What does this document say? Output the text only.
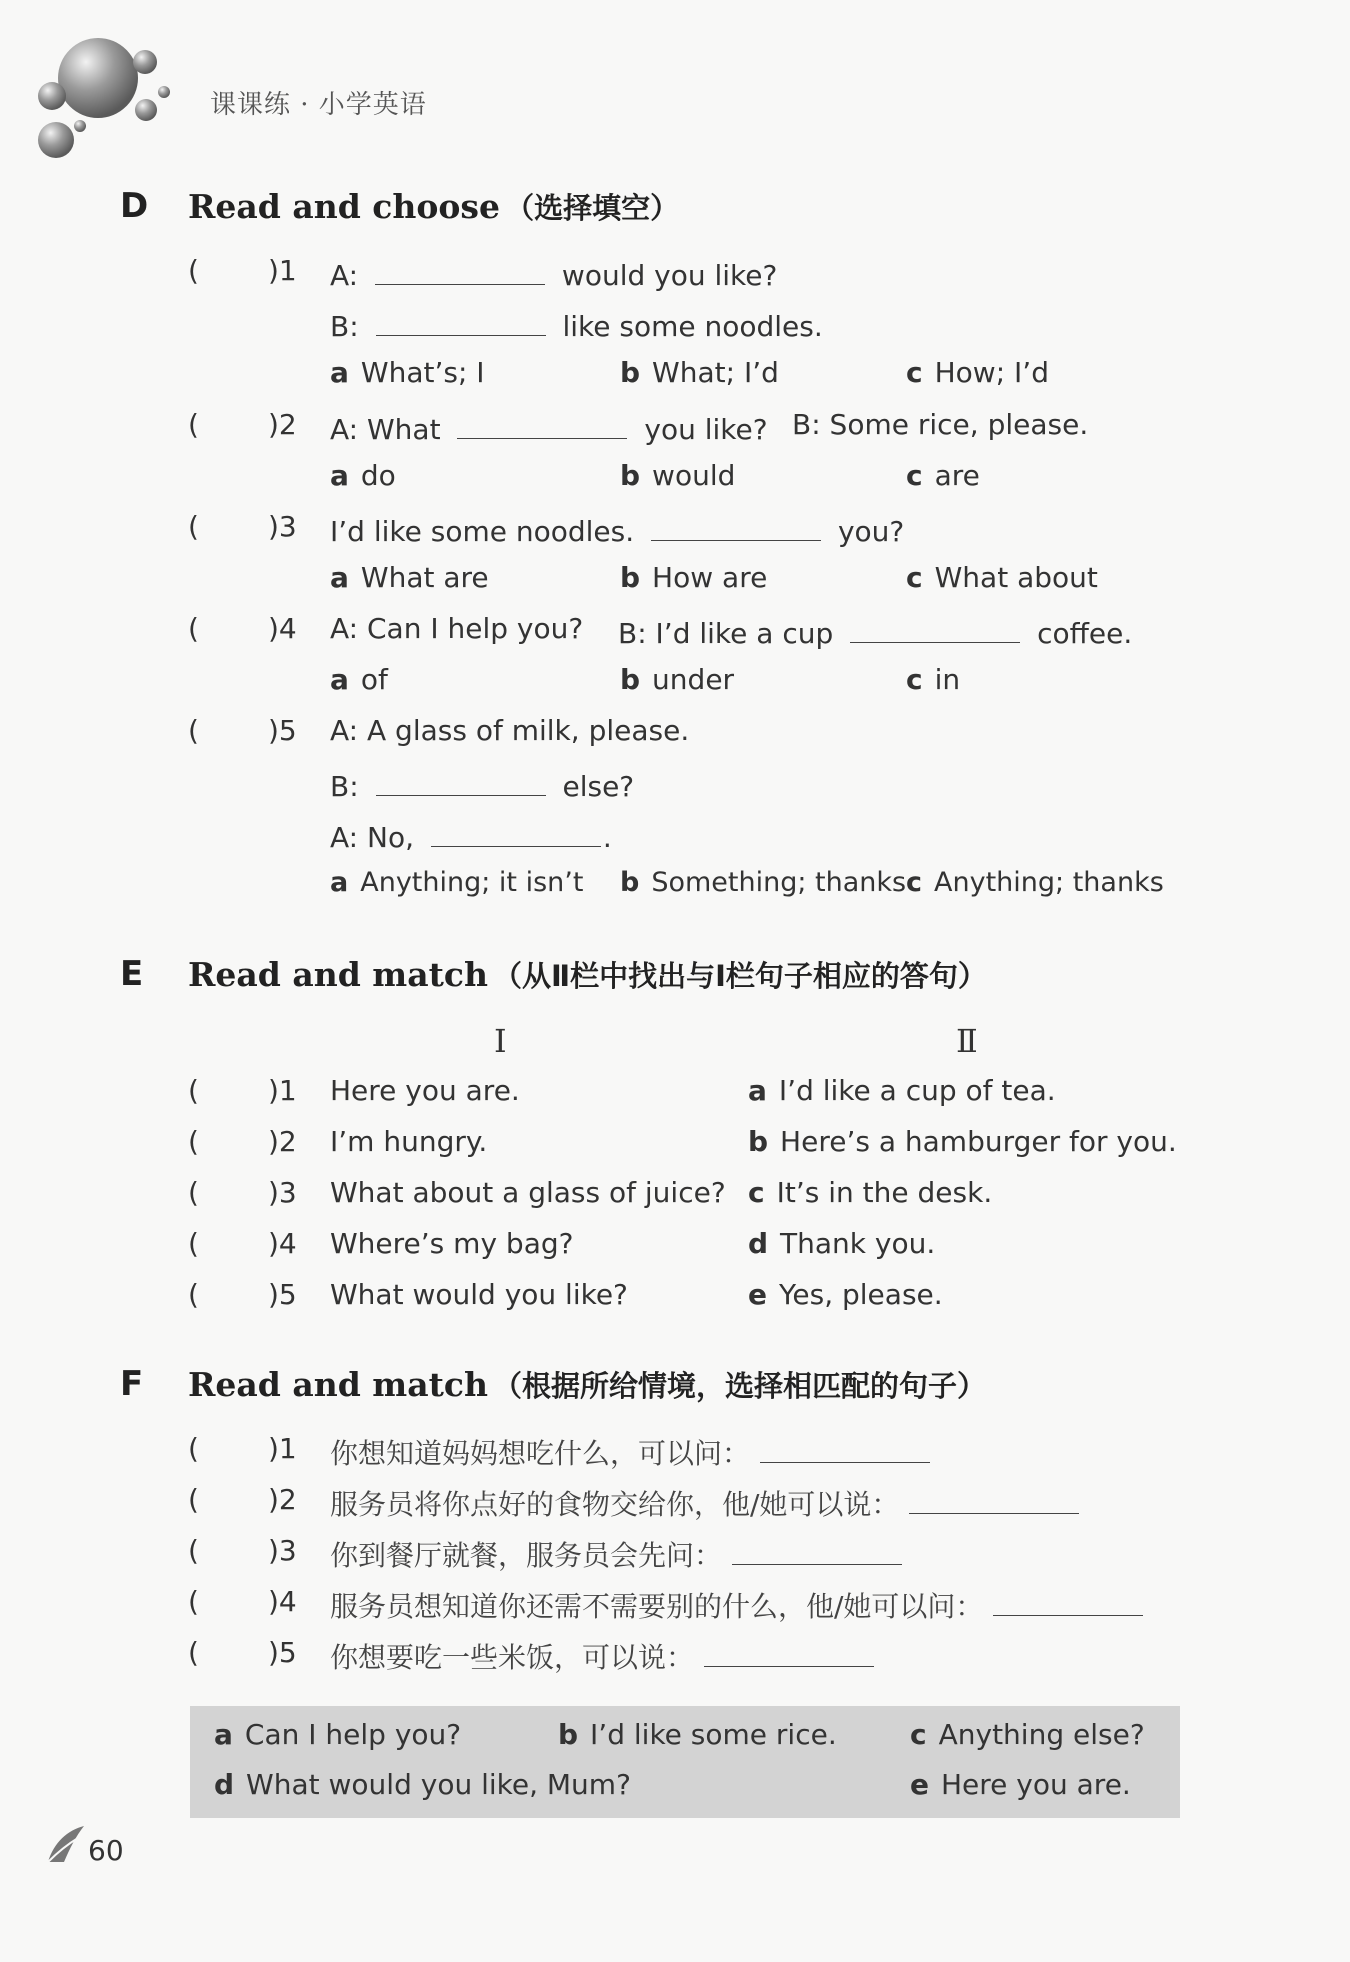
课课练 · 小学英语
D Read and choose （选择填空）
( )1 A:	would you like?
B:	like some noodles.
a What’s; I	b What; I’d	c How; I’d
( )2 A: What	you like? B: Some rice, please.
a do	b would	c are
( )3 I’d like some noodles.	you?
a What are	b How are	c What about
( )4 A: Can I help you? B: I’d like a cup	coffee.
a of	b under	c in
( )5 A: A glass of milk, please.
B:	else?
A: No,	.
a Anything; it isn’t b Something; thanks c Anything; thanks
E Read and match （从Ⅱ栏中找出与Ⅰ栏句子相应的答句）
Ⅰ	Ⅱ
( )1 Here you are.	a I’d like a cup of tea.
( )2 I’m hungry.	b Here’s a hamburger for you.
( )3 What about a glass of juice? c It’s in the desk.
( )4 Where’s my bag?	d Thank you.
( )5 What would you like?	e Yes, please.
F Read and match （根据所给情境，选择相匹配的句子）
( )1 你想知道妈妈想吃什么，可以问：
( )2 服务员将你点好的食物交给你，他/她可以说：
( )3 你到餐厅就餐，服务员会先问：
( )4 服务员想知道你还需不需要别的什么，他/她可以问：
( )5 你想要吃一些米饭，可以说：
a Can I help you?	b I’d like some rice.	c Anything else?
d What would you like, Mum?	e Here you are.
60
